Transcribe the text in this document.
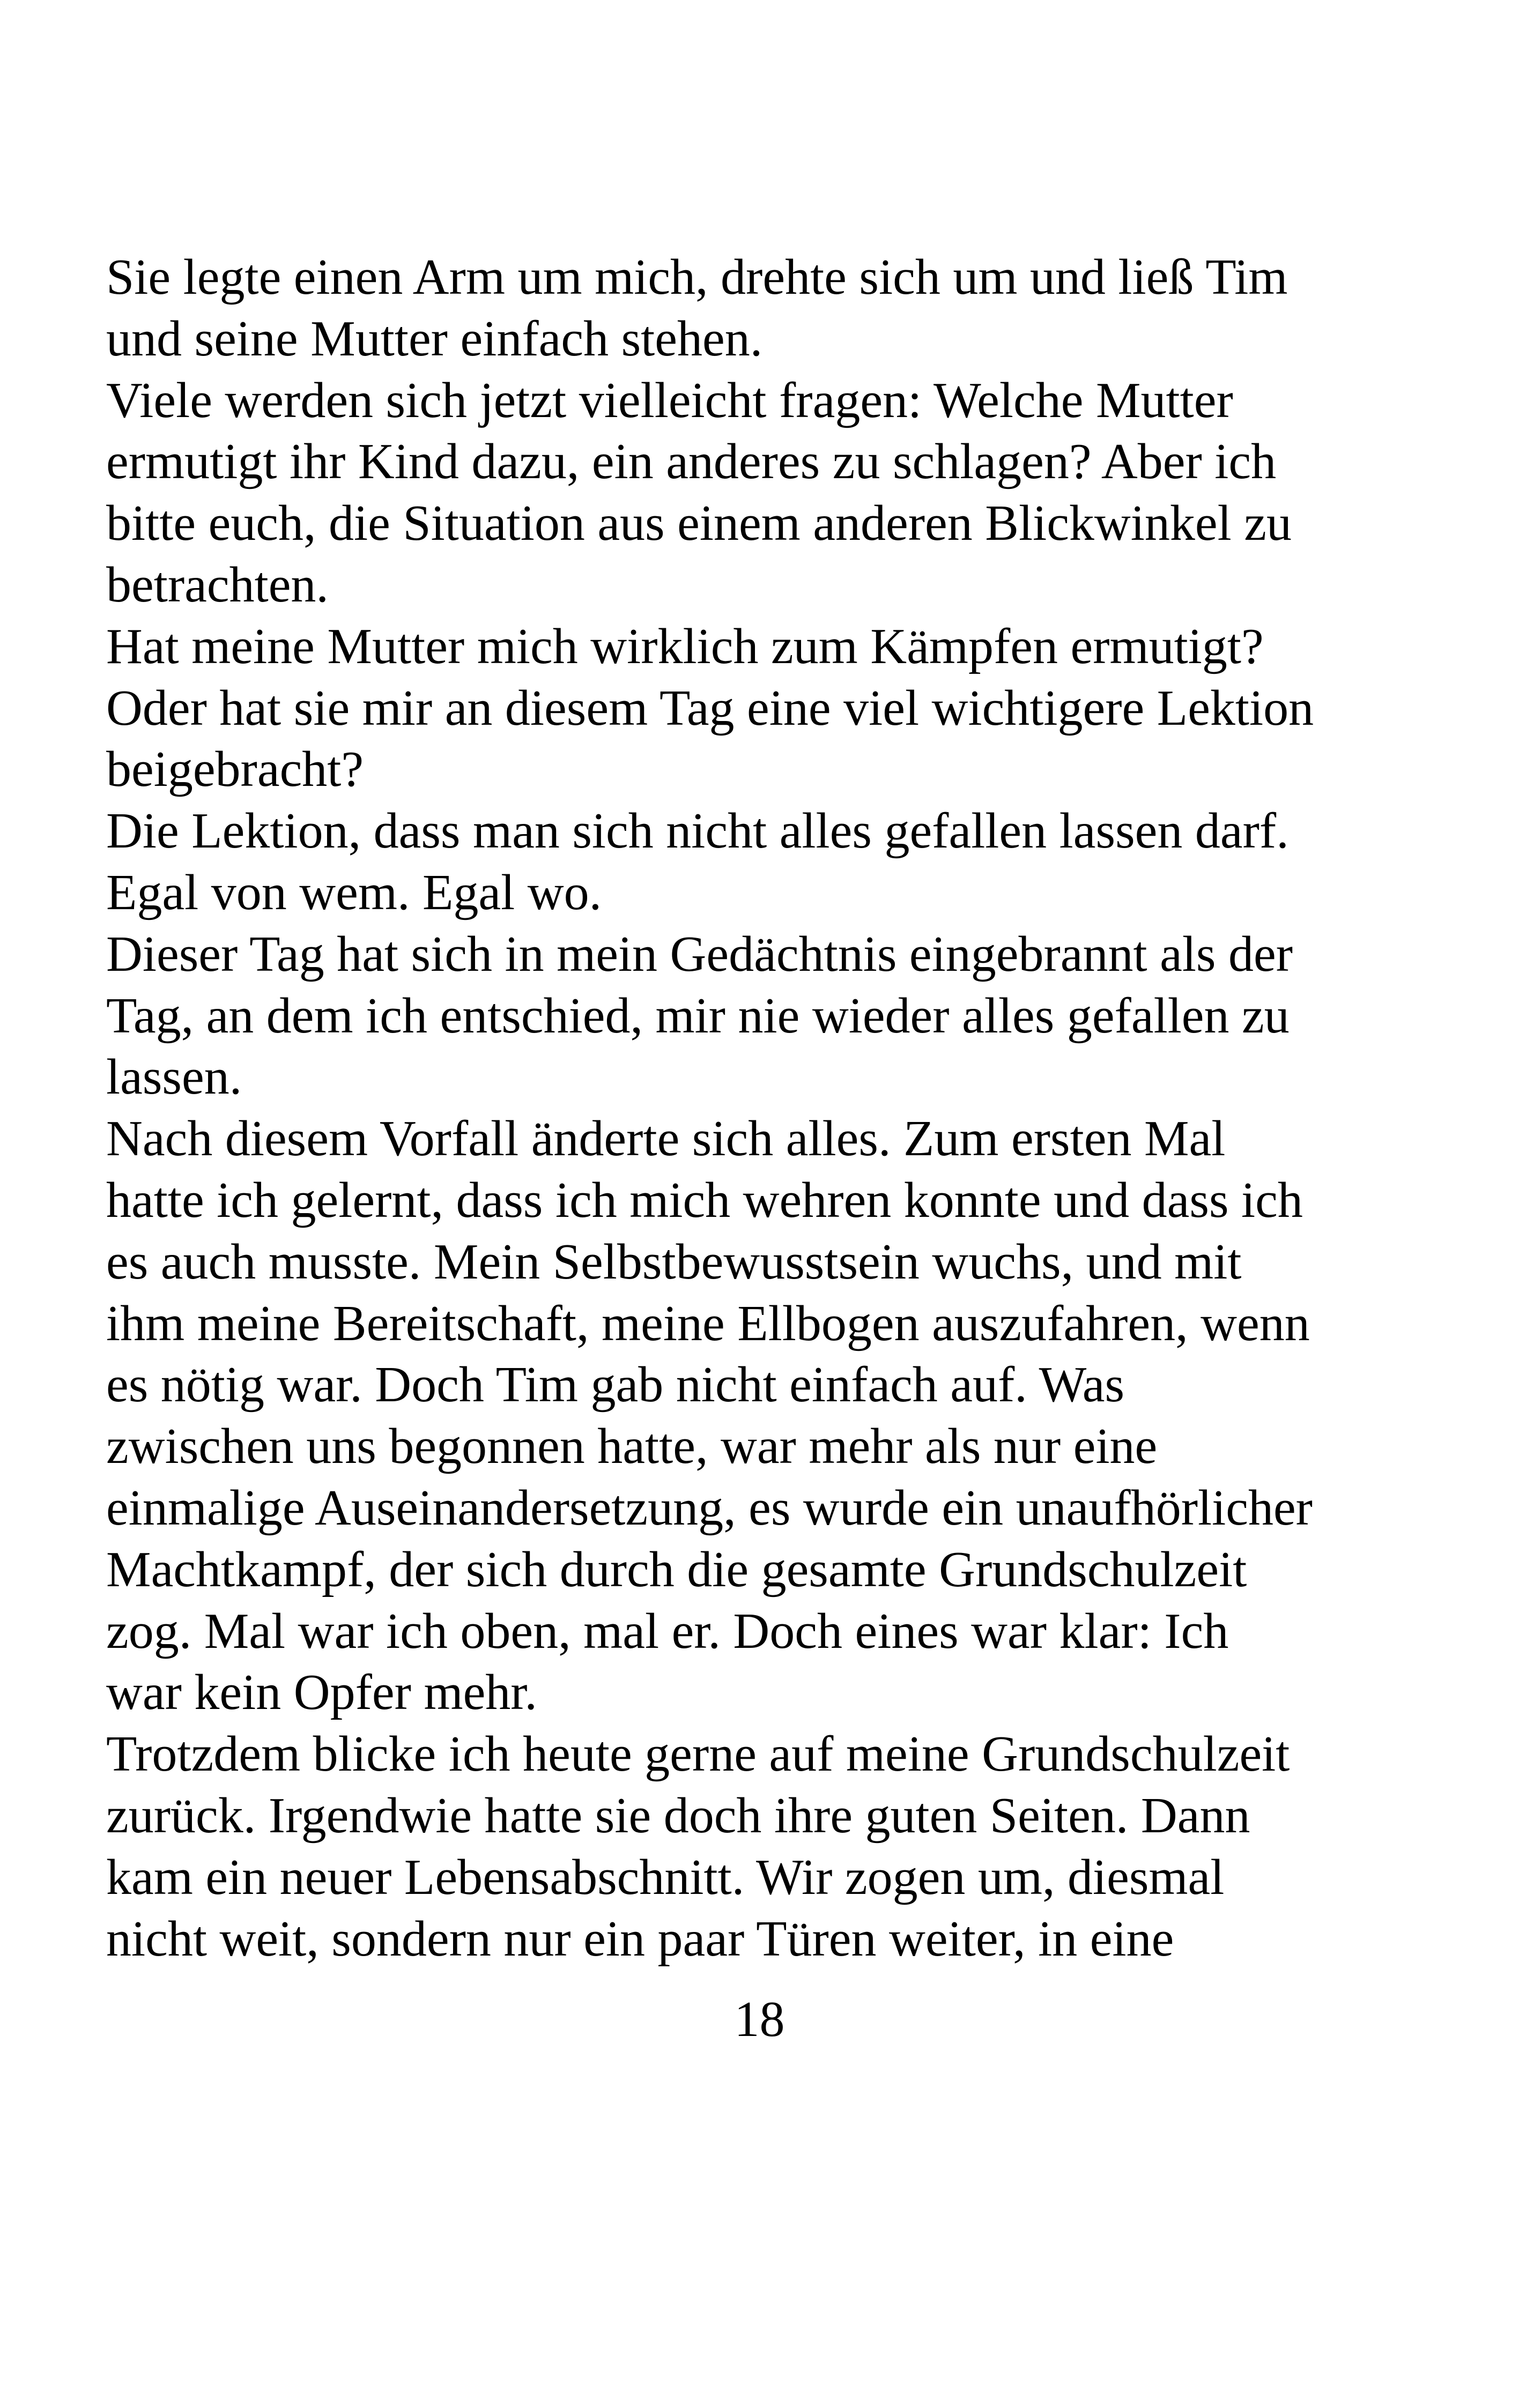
Sie legte einen Arm um mich, drehte sich um und ließ Tim
und seine Mutter einfach stehen.
Viele werden sich jetzt vielleicht fragen: Welche Mutter
ermutigt ihr Kind dazu, ein anderes zu schlagen? Aber ich
bitte euch, die Situation aus einem anderen Blickwinkel zu
betrachten.
Hat meine Mutter mich wirklich zum Kämpfen ermutigt?
Oder hat sie mir an diesem Tag eine viel wichtigere Lektion
beigebracht?
Die Lektion, dass man sich nicht alles gefallen lassen darf.
Egal von wem. Egal wo.
Dieser Tag hat sich in mein Gedächtnis eingebrannt als der
Tag, an dem ich entschied, mir nie wieder alles gefallen zu
lassen.
Nach diesem Vorfall änderte sich alles. Zum ersten Mal
hatte ich gelernt, dass ich mich wehren konnte und dass ich
es auch musste. Mein Selbstbewusstsein wuchs, und mit
ihm meine Bereitschaft, meine Ellbogen auszufahren, wenn
es nötig war. Doch Tim gab nicht einfach auf. Was
zwischen uns begonnen hatte, war mehr als nur eine
einmalige Auseinandersetzung, es wurde ein unaufhörlicher
Machtkampf, der sich durch die gesamte Grundschulzeit
zog. Mal war ich oben, mal er. Doch eines war klar: Ich
war kein Opfer mehr.
Trotzdem blicke ich heute gerne auf meine Grundschulzeit
zurück. Irgendwie hatte sie doch ihre guten Seiten. Dann
kam ein neuer Lebensabschnitt. Wir zogen um, diesmal
nicht weit, sondern nur ein paar Türen weiter, in eine
18
